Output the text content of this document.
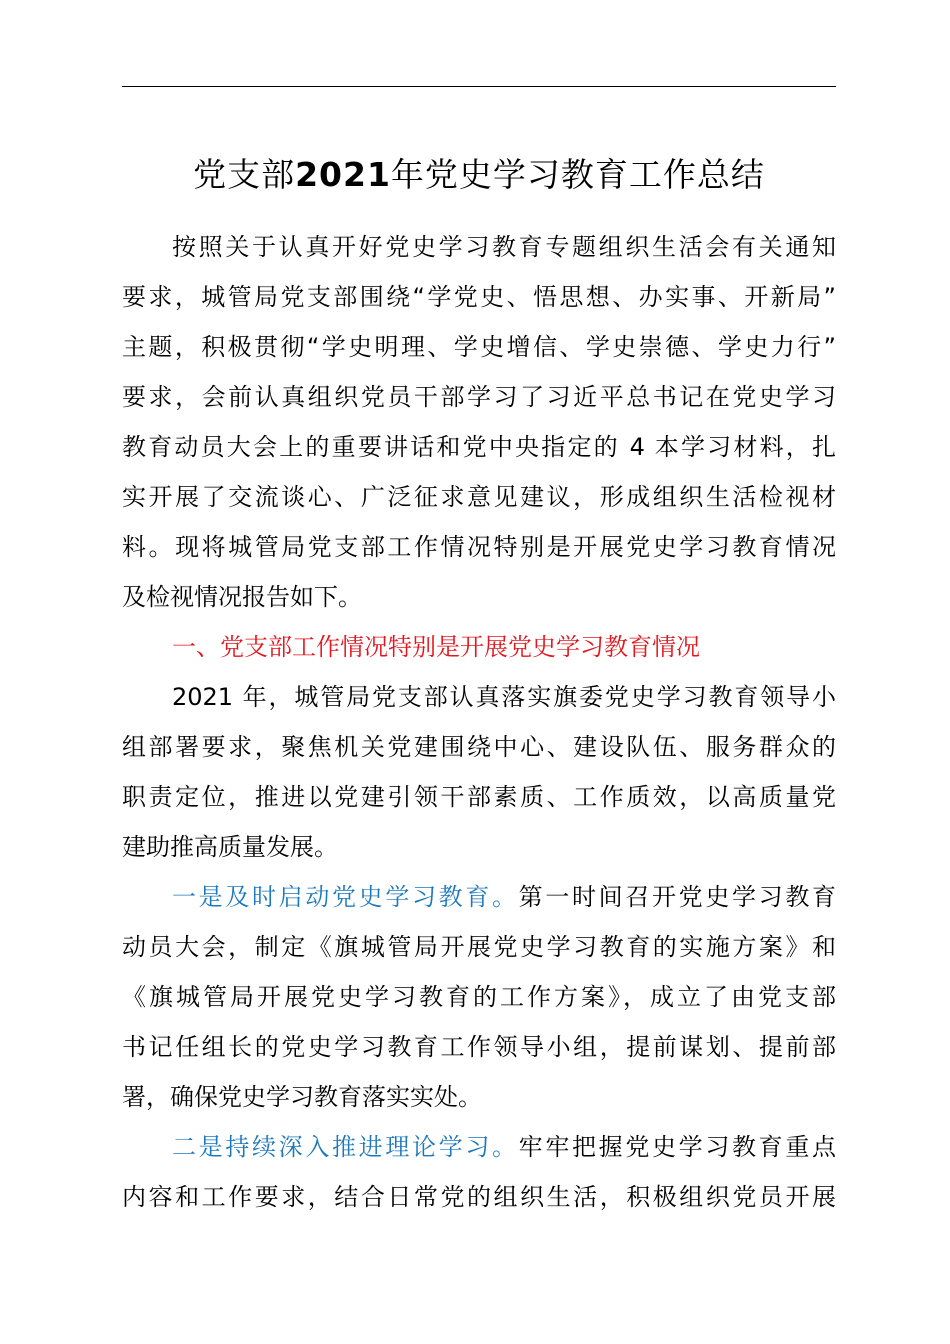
党支部2021年党史学习教育工作总结

按照关于认真开好党史学习教育专题组织生活会有关通知

要求，城管局党支部围绕“学党史、悟思想、办实事、开新局”

主题，积极贯彻“学史明理、学史增信、学史崇德、学史力行”

要求，会前认真组织党员干部学习了习近平总书记在党史学习

教育动员大会上的重要讲话和党中央指定的 4 本学习材料，扎

实开展了交流谈心、广泛征求意见建议，形成组织生活检视材

料。现将城管局党支部工作情况特别是开展党史学习教育情况

及检视情况报告如下。

一、党支部工作情况特别是开展党史学习教育情况

2021 年，城管局党支部认真落实旗委党史学习教育领导小

组部署要求，聚焦机关党建围绕中心、建设队伍、服务群众的

职责定位，推进以党建引领干部素质、工作质效，以高质量党

建助推高质量发展。

一是及时启动党史学习教育。第一时间召开党史学习教育

动员大会，制定《旗城管局开展党史学习教育的实施方案》和

《旗城管局开展党史学习教育的工作方案》，成立了由党支部

书记任组长的党史学习教育工作领导小组，提前谋划、提前部

署，确保党史学习教育落实实处。

二是持续深入推进理论学习。牢牢把握党史学习教育重点

内容和工作要求，结合日常党的组织生活，积极组织党员开展
